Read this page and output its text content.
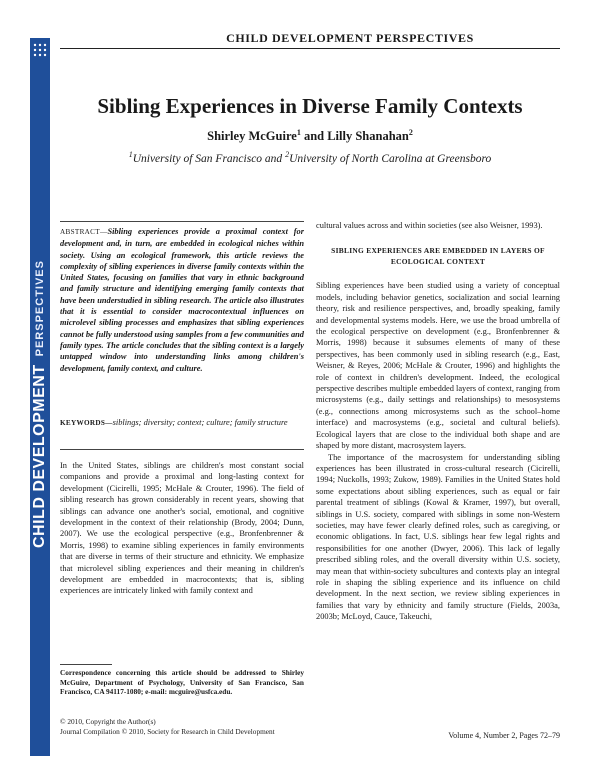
CHILD DEVELOPMENT
PERSPECTIVES
CHILD DEVELOPMENT PERSPECTIVES
Sibling Experiences in Diverse Family Contexts
Shirley McGuire$^1$ and Lilly Shanahan$^2$
$^1$University of San Francisco and $^2$University of North Carolina at Greensboro
ABSTRACT—Sibling experiences provide a proximal context for development and, in turn, are embedded in ecological niches within society. Using an ecological framework, this article reviews the complexity of sibling experiences in diverse family contexts within the United States, focusing on families that vary in ethnic background and family structure and identifying emerging family contexts that have been understudied in sibling research. The article also illustrates that it is essential to consider macrocontextual influences on microlevel sibling processes and emphasizes that sibling experiences cannot be fully understood using samples from a few communities and family types. The article concludes that the sibling context is a largely untapped window into understanding links among children's development, family context, and culture.
KEYWORDS—siblings; diversity; context; culture; family structure

In the United States, siblings are children's most constant social companions and provide a proximal and long-lasting context for development (Cicirelli, 1995; McHale & Crouter, 1996). The field of sibling research has grown considerably in recent years, showing that siblings can advance one another's social, emotional, and cognitive development in the context of their relationship (Brody, 2004; Dunn, 2007). We use the ecological perspective (e.g., Bronfenbrenner & Morris, 1998) to examine sibling experiences in family environments that are diverse in terms of their structure and ethnicity. We emphasize that microlevel sibling experiences and their meaning in children's development are embedded in macrocontexts; that is, sibling experiences are intricately linked with family context and

cultural values across and within societies (see also Weisner, 1993).

SIBLING EXPERIENCES ARE EMBEDDED IN LAYERS OF ECOLOGICAL CONTEXT

Sibling experiences have been studied using a variety of conceptual models, including behavior genetics, socialization and social learning theory, risk and resilience perspectives, and, broadly speaking, family and developmental systems models. Here, we use the broad umbrella of the ecological perspective on development (e.g., Bronfenbrenner & Morris, 1998) because it subsumes elements of many of these perspectives, has been commonly used in sibling research (e.g., East, Weisner, & Reyes, 2006; McHale & Crouter, 1996) and highlights the role of context in children's development. Indeed, the ecological perspective describes multiple embedded layers of context, ranging from microsystems (e.g., daily settings and relationships) to mesosystems (e.g., connections among microsystems such as the school–home interface) and macrosystems (e.g., societal and cultural beliefs). Ecological layers that are close to the individual both shape and are shaped by more distant, macrosystem layers.

The importance of the macrosystem for understanding sibling experiences has been illustrated in cross-cultural research (Cicirelli, 1994; Nuckolls, 1993; Zukow, 1989). Families in the United States hold some expectations about sibling experiences, such as equal or fair parental treatment of siblings (Kowal & Kramer, 1997), but overall, siblings in U.S. society, compared with siblings in some non-Western societies, may have fewer clearly defined roles, such as caregiving, or economic obligations. In fact, U.S. siblings hear few legal rights and responsibilities for one another (Dwyer, 2006). This lack of legally prescribed sibling roles, and the overall diversity within U.S. society, may mean that within-society subcultures and contexts play an integral role in shaping the sibling experience and its influence on child development. In the next section, we review sibling experiences in families that vary by ethnicity and family structure (Fields, 2003a, 2003b; McLoyd, Cauce, Takeuchi,

Correspondence concerning this article should be addressed to Shirley McGuire, Department of Psychology, University of San Francisco, San Francisco, CA 94117-1080; e-mail: mcguire@usfca.edu.
© 2010, Copyright the Author(s)
Journal Compilation © 2010, Society for Research in Child Development	Volume 4, Number 2, Pages 72–79
